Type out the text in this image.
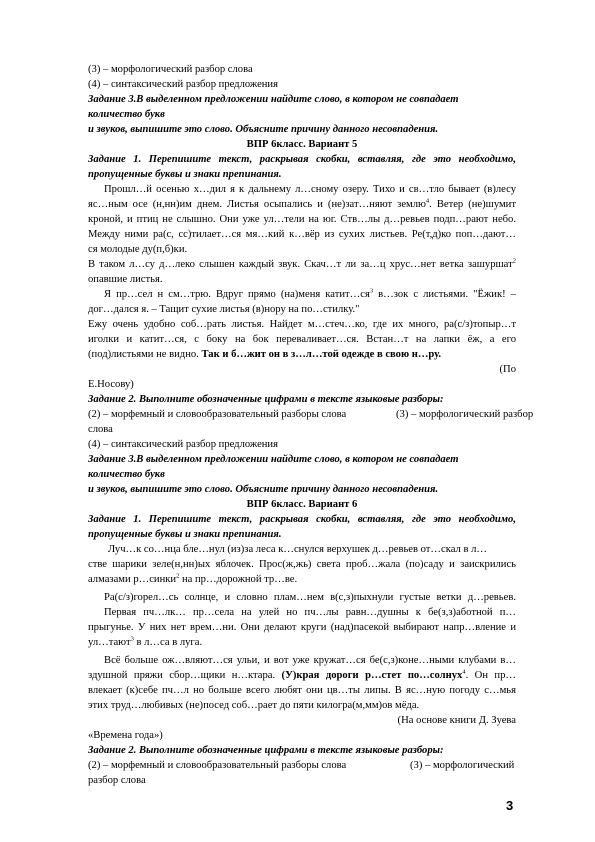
(3) – морфологический разбор слова
(4) – синтаксический разбор предложения
Задание 3.В выделенном предложении найдите слово, в котором не совпадает
количество букв
и звуков, выпишите это слово. Объясните причину данного несовпадения.
ВПР 6класс. Вариант 5
Задание 1. Перепишите текст, раскрывая скобки, вставляя, где это необходимо,
пропущенные буквы и знаки препинания.
Прошл…й осенью х…дил я к дальнему л…сному озеру. Тихо и св…тло бывает (в)лесу
яс…ным осе (н,нн)им днем. Листья осыпались и (не)зат…няют землю$^4$. Ветер (не)шумит
кроной, и птиц не слышно. Они уже ул…тели на юг. Ств…лы д…ревьев подп…рают небо.
Между ними ра(с, сс)тилает…ся мя…кий к…вёр из сухих листьев. Ре(т,д)ко поп…дают…
ся молодые ду(п,б)ки.
В таком л…су д…леко слышен каждый звук. Скач…т ли за…ц хрус…нет ветка зашуршат$^2$
опавшие листья.
Я пр…сел н см…трю. Вдруг прямо (на)меня $катит\dots ся^3$ в…зок с листьями. "Ёжик! –
дог…дался я. – Тащит сухие листья (в)нору на по…стилку."
Ежу очень удобно соб…рать листья. Найдет м…стеч…ко, где их много, ра(с/з)топыр…т
иголки и катит…ся, с боку на бок переваливает…ся. Встан…т на лапки ёж, а его
(под)листьями не видно. Так и б…жит он в з…л…той одежде в свою н…ру.
(По
Е.Носову)
Задание 2. Выполните обозначенные цифрами в тексте языковые разборы:
(2) – морфемный и словообразовательный разборы слова	(3) – морфологический разбор
слова
(4) – синтаксический разбор предложения
Задание 3.В выделенном предложении найдите слово, в котором не совпадает
количество букв
и звуков, выпишите это слово. Объясните причину данного несовпадения.
ВПР 6класс. Вариант 6
Задание 1. Перепишите текст, раскрывая скобки, вставляя, где это необходимо,
пропущенные буквы и знаки препинания.
Луч…к со…нца бле…нул (из)за леса к…снулся верхушек д…ревьев от…скал в л…
стве шарики зеле(н,нн)ых яблочек. Прос(ж,жь) света проб…жала (по)саду и заискрились
алмазами р…синки$^2$ на пр…дорожной тр…ве.
Ра(с/з)горел…сь солнце, и словно плам…нем в(с,з)пыхнули густые ветки д…ревьев.
Первая пч…лк… пр…села на улей но пч…лы равн…душны к бе(з,з)аботной п…
прыгунье. У них нет врем…ни. Они делают круги (над)пасекой выбирают напр…вление и
ул…тают$^3$ в л…са в луга.
Всё больше ож…вляют…ся ульи, и вот уже кружат…ся бе(с,з)коне…ными клубами в…
здушной пряжи сбор…щики н…ктара. (У)края дороги р…стет по…солнух$^4$. Он пр…
влекает (к)себе пч…л но больше всего любят они цв…ты липы. В яс…ную погоду с…мья
этих труд…любивых (не)посед соб…рает до пяти килогра(м,мм)ов мёда.
(На основе книги Д. Зуева
«Времена года»)
Задание 2. Выполните обозначенные цифрами в тексте языковые разборы:
(2) – морфемный и словообразовательный разборы слова	(3) – морфологический
разбор слова
3
